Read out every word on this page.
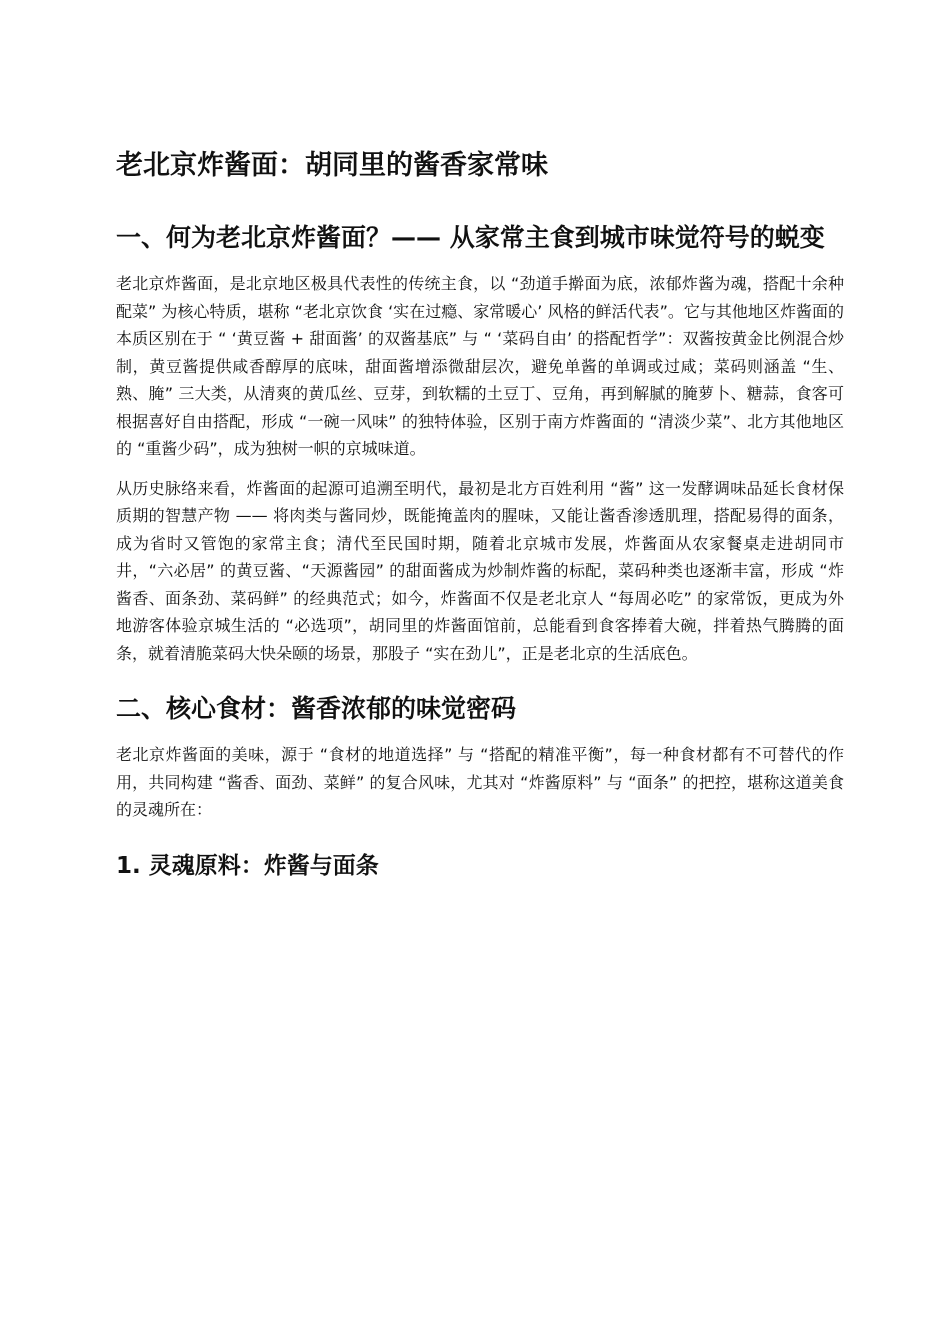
老北京炸酱面：胡同里的酱香家常味
一、何为老北京炸酱面？—— 从家常主食到城市味觉符号的蜕变

老北京炸酱面，是北京地区极具代表性的传统主食，以 “劲道手擀面为底，浓郁炸酱为魂，搭配十余种配菜” 为核心特质，堪称 “老北京饮食 ‘实在过瘾、家常暖心’ 风格的鲜活代表”。它与其他地区炸酱面的本质区别在于 “ ‘黄豆酱 + 甜面酱’ 的双酱基底” 与 “ ‘菜码自由’ 的搭配哲学”：双酱按黄金比例混合炒制，黄豆酱提供咸香醇厚的底味，甜面酱增添微甜层次，避免单酱的单调或过咸；菜码则涵盖 “生、熟、腌” 三大类，从清爽的黄瓜丝、豆芽，到软糯的土豆丁、豆角，再到解腻的腌萝卜、糖蒜，食客可根据喜好自由搭配，形成 “一碗一风味” 的独特体验，区别于南方炸酱面的 “清淡少菜”、北方其他地区的 “重酱少码”，成为独树一帜的京城味道。

从历史脉络来看，炸酱面的起源可追溯至明代，最初是北方百姓利用 “酱” 这一发酵调味品延长食材保质期的智慧产物 —— 将肉类与酱同炒，既能掩盖肉的腥味，又能让酱香渗透肌理，搭配易得的面条，成为省时又管饱的家常主食；清代至民国时期，随着北京城市发展，炸酱面从农家餐桌走进胡同市井，“六必居” 的黄豆酱、“天源酱园” 的甜面酱成为炒制炸酱的标配，菜码种类也逐渐丰富，形成 “炸酱香、面条劲、菜码鲜” 的经典范式；如今，炸酱面不仅是老北京人 “每周必吃” 的家常饭，更成为外地游客体验京城生活的 “必选项”，胡同里的炸酱面馆前，总能看到食客捧着大碗，拌着热气腾腾的面条，就着清脆菜码大快朵颐的场景，那股子 “实在劲儿”，正是老北京的生活底色。

二、核心食材：酱香浓郁的味觉密码

老北京炸酱面的美味，源于 “食材的地道选择” 与 “搭配的精准平衡”，每一种食材都有不可替代的作用，共同构建 “酱香、面劲、菜鲜” 的复合风味，尤其对 “炸酱原料” 与 “面条” 的把控，堪称这道美食的灵魂所在：

1. 灵魂原料：炸酱与面条
